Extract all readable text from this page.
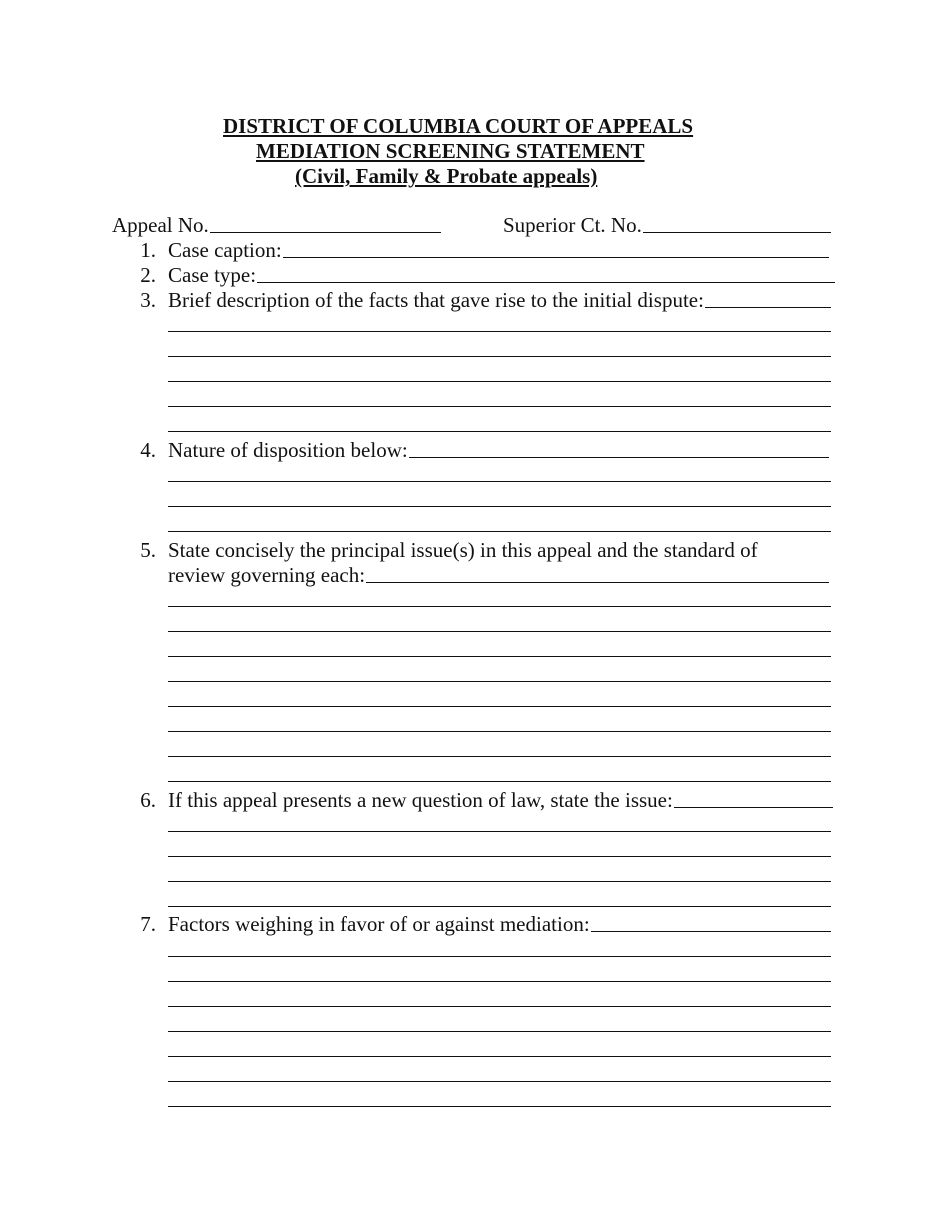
DISTRICT OF COLUMBIA COURT OF APPEALS
MEDIATION SCREENING STATEMENT
(Civil, Family & Probate appeals)
Appeal No.	Superior Ct. No.
1. Case caption:
2. Case type:
3. Brief description of the facts that gave rise to the initial dispute:
4. Nature of disposition below:
5. State concisely the principal issue(s) in this appeal and the standard of
review governing each:
6. If this appeal presents a new question of law, state the issue:
7. Factors weighing in favor of or against mediation:
